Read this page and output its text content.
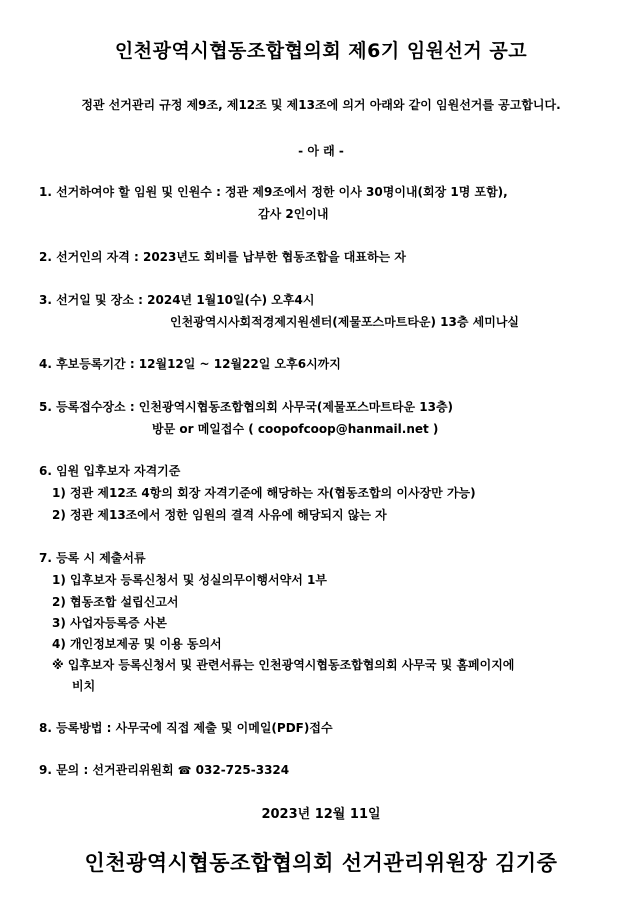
인천광역시협동조합협의회 제6기 임원선거 공고
정관 선거관리 규정 제9조, 제12조 및 제13조에 의거 아래와 같이 임원선거를 공고합니다.
- 아 래 -
1. 선거하여야 할 임원 및 인원수 : 정관 제9조에서 정한 이사 30명이내(회장 1명 포함),
감사 2인이내
2. 선거인의 자격 : 2023년도 회비를 납부한 협동조합을 대표하는 자
3. 선거일 및 장소 : 2024년 1월10일(수) 오후4시
인천광역시사회적경제지원센터(제물포스마트타운) 13층 세미나실
4. 후보등록기간 : 12월12일 ~ 12월22일 오후6시까지
5. 등록접수장소 : 인천광역시협동조합협의회 사무국(제물포스마트타운 13층)
방문 or 메일접수 ( coopofcoop@hanmail.net )
6. 임원 입후보자 자격기준
1) 정관 제12조 4항의 회장 자격기준에 해당하는 자(협동조합의 이사장만 가능)
2) 정관 제13조에서 정한 임원의 결격 사유에 해당되지 않는 자
7. 등록 시 제출서류
1) 입후보자 등록신청서 및 성실의무이행서약서 1부
2) 협동조합 설립신고서
3) 사업자등록증 사본
4) 개인정보제공 및 이용 동의서
※ 입후보자 등록신청서 및 관련서류는 인천광역시협동조합협의회 사무국 및 홈페이지에
비치
8. 등록방법 : 사무국에 직접 제출 및 이메일(PDF)접수
9. 문의 : 선거관리위원회 ☎ 032-725-3324
2023년 12월 11일
인천광역시협동조합협의회 선거관리위원장 김기중
